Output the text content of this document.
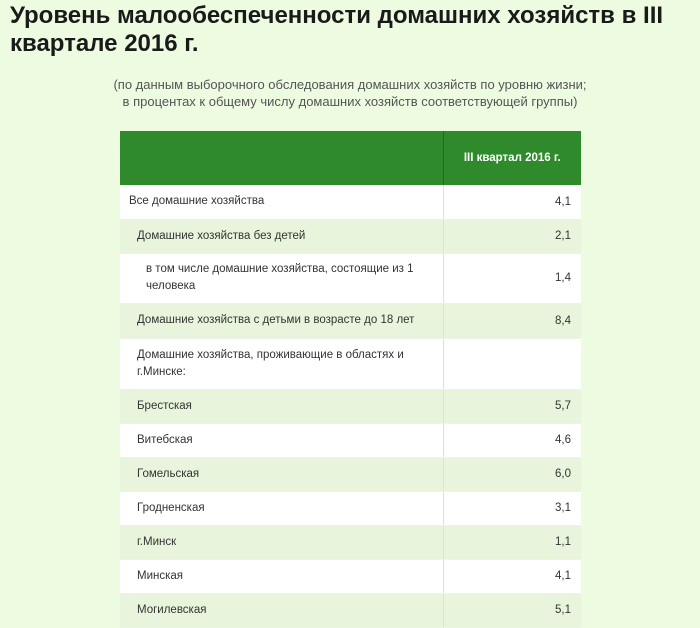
Уровень малообеспеченности домашних хозяйств в III квартале 2016 г.
(по данным выборочного обследования домашних хозяйств по уровню жизни;
в процентах к общему числу домашних хозяйств соответствующей группы)
	III квартал 2016 г.
Все домашние хозяйства	4,1
Домашние хозяйства без детей	2,1
в том числе домашние хозяйства, состоящие из 1 человека	1,4
Домашние хозяйства с детьми в возрасте до 18 лет	8,4
Домашние хозяйства, проживающие в областях и г.Минске:	
Брестская	5,7
Витебская	4,6
Гомельская	6,0
Гродненская	3,1
г.Минск	1,1
Минская	4,1
Могилевская	5,1
